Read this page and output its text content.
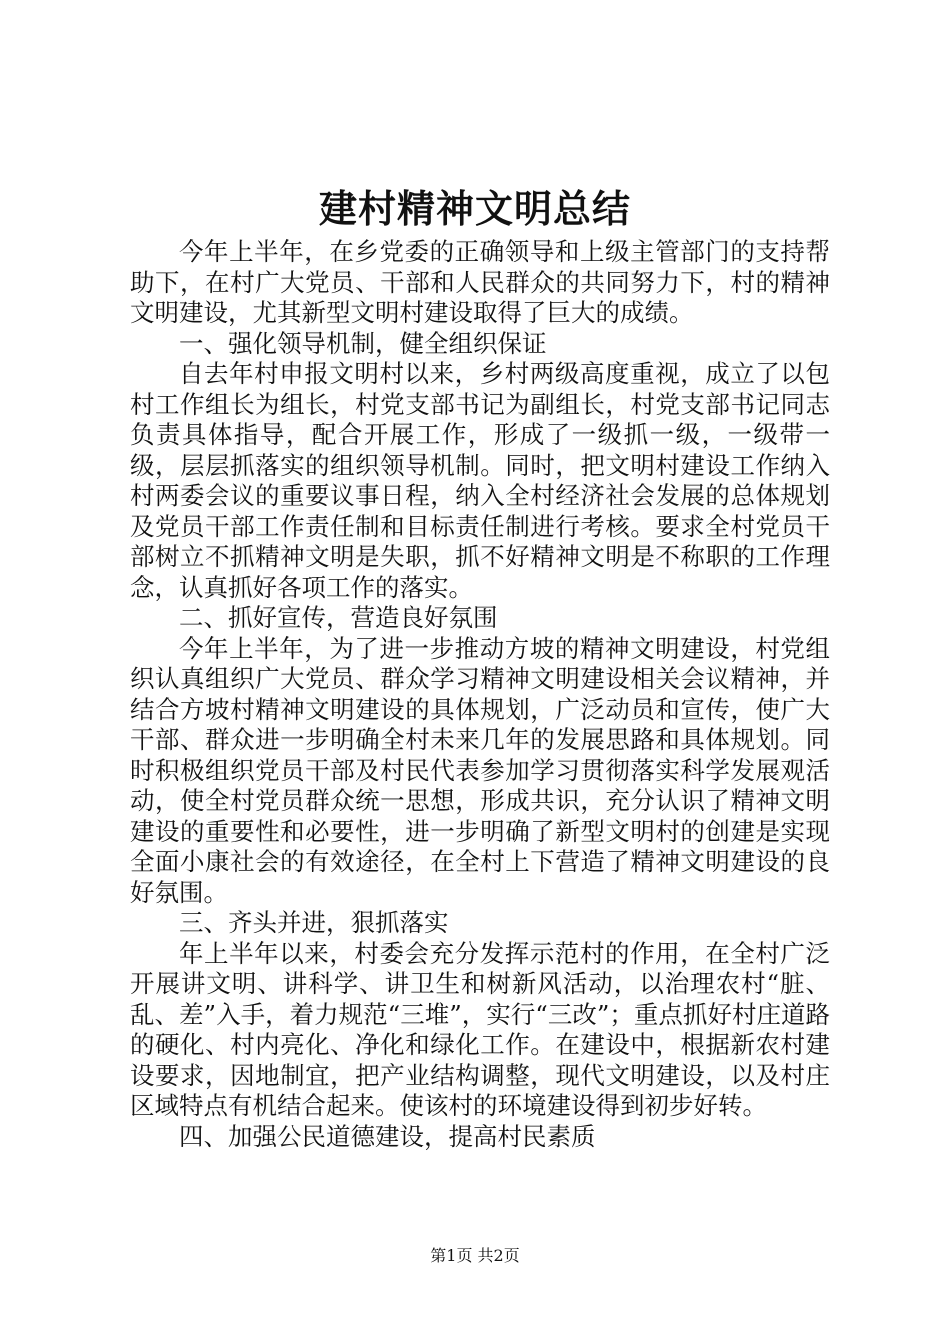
建村精神文明总结

今年上半年，在乡党委的正确领导和上级主管部门的支持帮助下，在村广大党员、干部和人民群众的共同努力下，村的精神文明建设，尤其新型文明村建设取得了巨大的成绩。

一、强化领导机制，健全组织保证

自去年村申报文明村以来，乡村两级高度重视，成立了以包村工作组长为组长，村党支部书记为副组长，村党支部书记同志负责具体指导，配合开展工作，形成了一级抓一级，一级带一级，层层抓落实的组织领导机制。同时，把文明村建设工作纳入村两委会议的重要议事日程，纳入全村经济社会发展的总体规划及党员干部工作责任制和目标责任制进行考核。要求全村党员干部树立不抓精神文明是失职，抓不好精神文明是不称职的工作理念，认真抓好各项工作的落实。

二、抓好宣传，营造良好氛围

今年上半年，为了进一步推动方坡的精神文明建设，村党组织认真组织广大党员、群众学习精神文明建设相关会议精神，并结合方坡村精神文明建设的具体规划，广泛动员和宣传，使广大干部、群众进一步明确全村未来几年的发展思路和具体规划。同时积极组织党员干部及村民代表参加学习贯彻落实科学发展观活动，使全村党员群众统一思想，形成共识，充分认识了精神文明建设的重要性和必要性，进一步明确了新型文明村的创建是实现全面小康社会的有效途径，在全村上下营造了精神文明建设的良好氛围。

三、齐头并进，狠抓落实

年上半年以来，村委会充分发挥示范村的作用，在全村广泛开展讲文明、讲科学、讲卫生和树新风活动，以治理农村“脏、乱、差”入手，着力规范“三堆”，实行“三改”；重点抓好村庄道路的硬化、村内亮化、净化和绿化工作。在建设中，根据新农村建设要求，因地制宜，把产业结构调整，现代文明建设，以及村庄区域特点有机结合起来。使该村的环境建设得到初步好转。

四、加强公民道德建设，提高村民素质

第1页 共2页
